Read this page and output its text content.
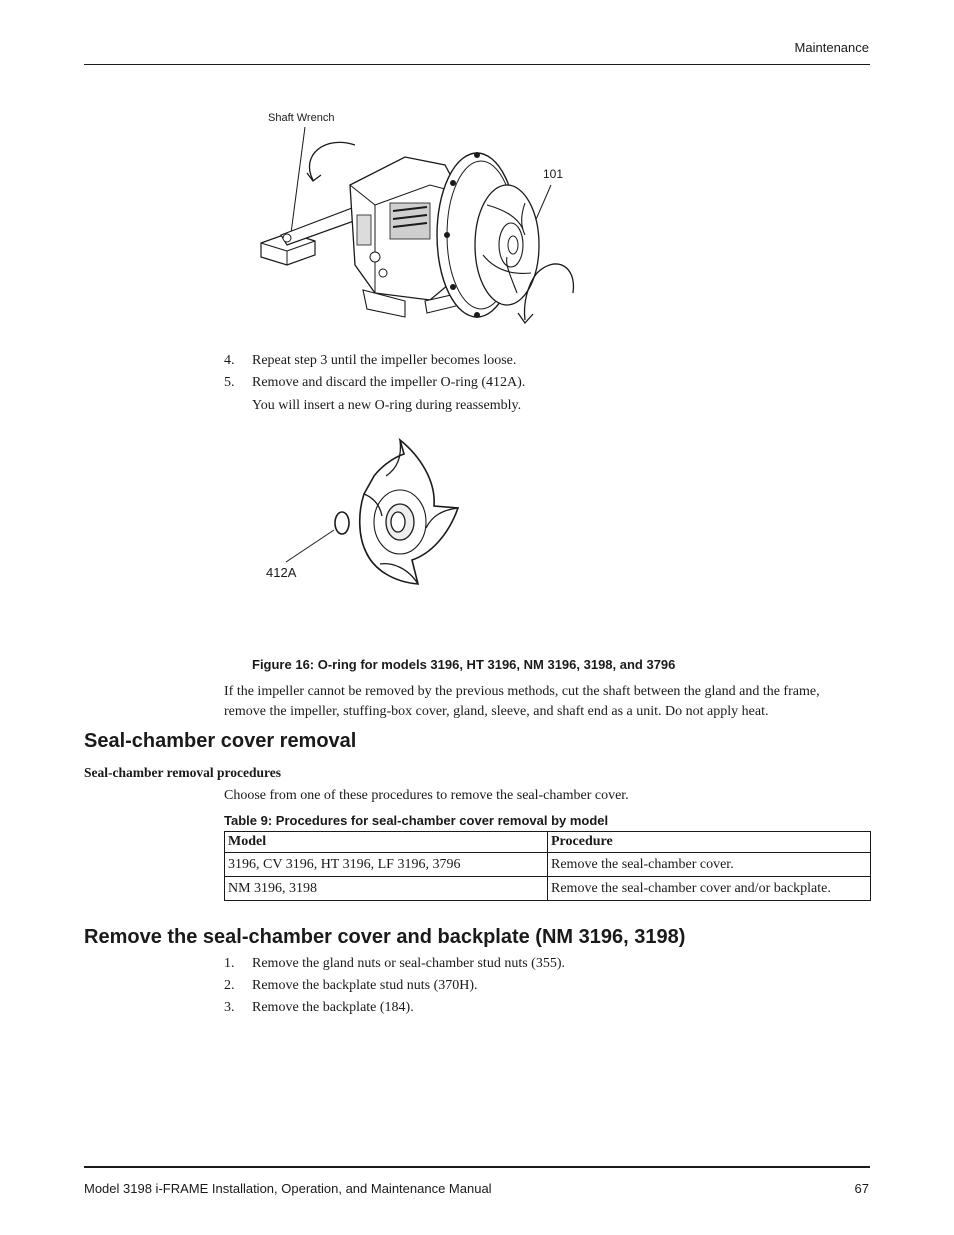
Maintenance
Shaft Wrench
101
4.	Repeat step 3 until the impeller becomes loose.
5.	Remove and discard the impeller O-ring (412A).
You will insert a new O-ring during reassembly.
412A
Figure 16: O-ring for models 3196, HT 3196, NM 3196, 3198, and 3796
If the impeller cannot be removed by the previous methods, cut the shaft between the gland and the frame, remove the impeller, stuffing-box cover, gland, sleeve, and shaft end as a unit. Do not apply heat.
Seal-chamber cover removal
Seal-chamber removal procedures
Choose from one of these procedures to remove the seal-chamber cover.
Table 9: Procedures for seal-chamber cover removal by model
Model	Procedure
3196, CV 3196, HT 3196, LF 3196, 3796	Remove the seal-chamber cover.
NM 3196, 3198	Remove the seal-chamber cover and/or backplate.
Remove the seal-chamber cover and backplate (NM 3196, 3198)
1.	Remove the gland nuts or seal-chamber stud nuts (355).
2.	Remove the backplate stud nuts (370H).
3.	Remove the backplate (184).
Model 3198 i-FRAME Installation, Operation, and Maintenance Manual	67
